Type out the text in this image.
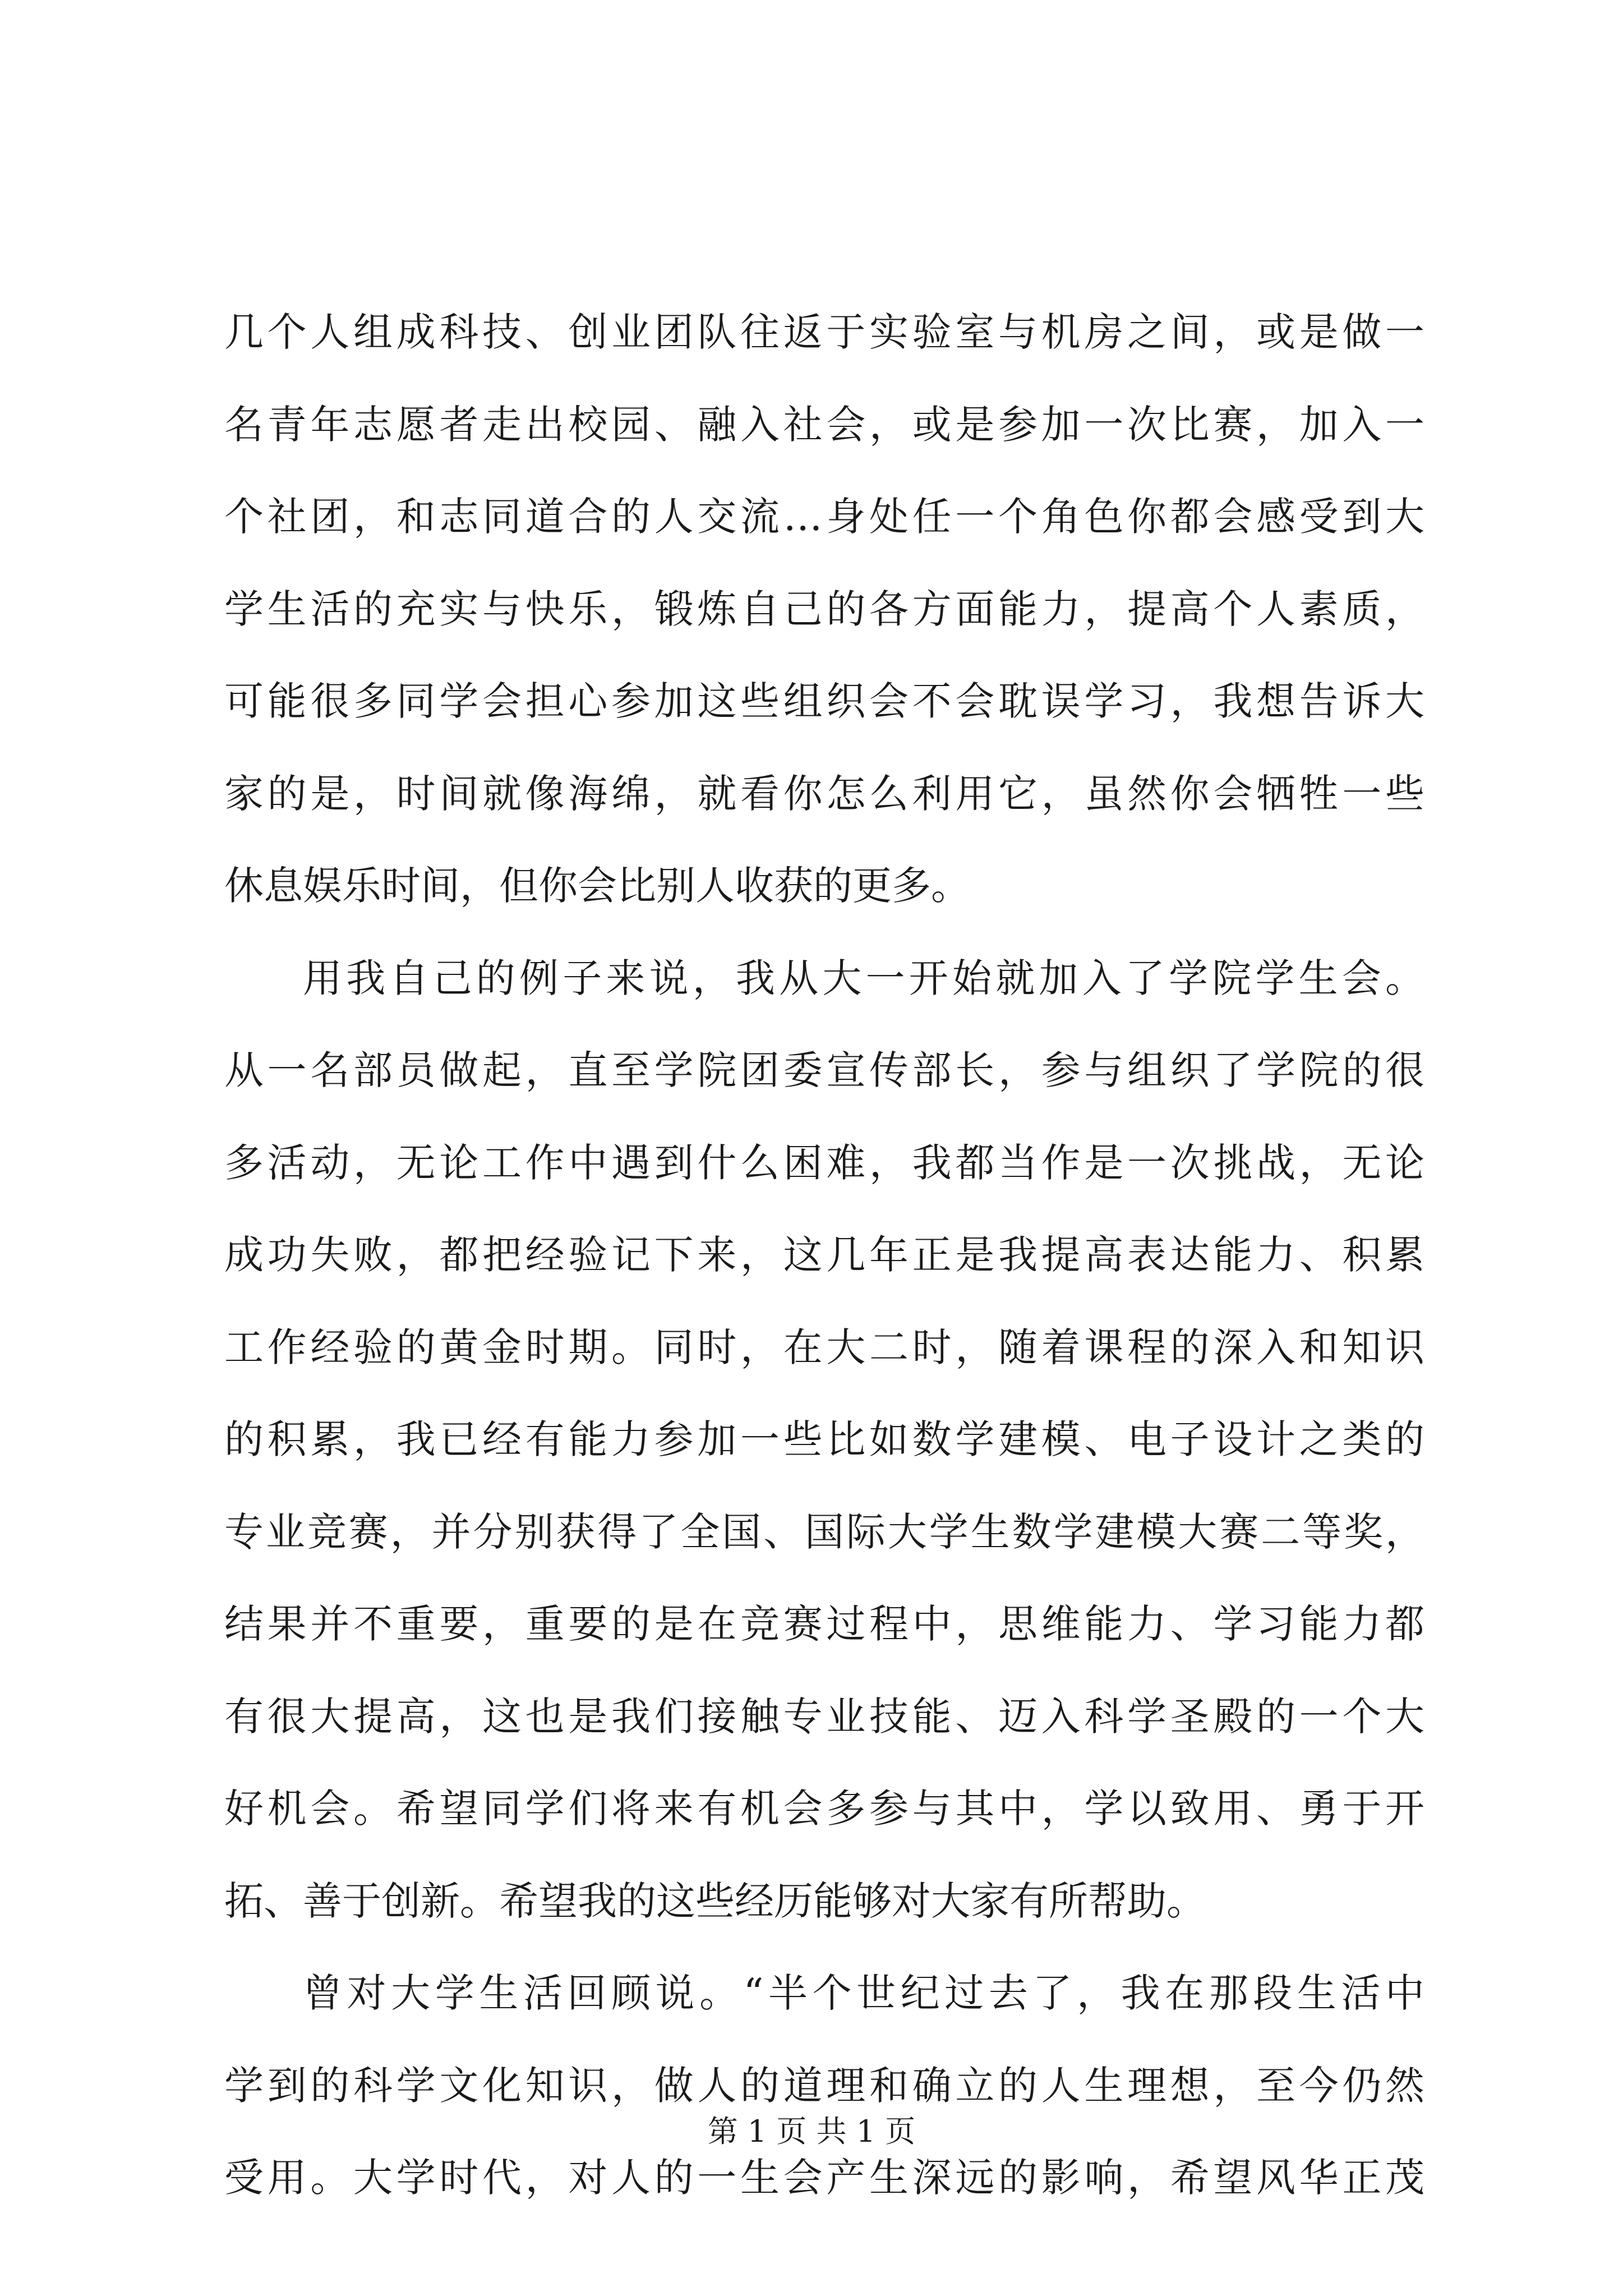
几个人组成科技、创业团队往返于实验室与机房之间，或是做一
名青年志愿者走出校园、融入社会，或是参加一次比赛，加入一
个社团，和志同道合的人交流…身处任一个角色你都会感受到大
学生活的充实与快乐，锻炼自己的各方面能力，提高个人素质，
可能很多同学会担心参加这些组织会不会耽误学习，我想告诉大
家的是，时间就像海绵，就看你怎么利用它，虽然你会牺牲一些
休息娱乐时间，但你会比别人收获的更多。
用我自己的例子来说，我从大一开始就加入了学院学生会。
从一名部员做起，直至学院团委宣传部长，参与组织了学院的很
多活动，无论工作中遇到什么困难，我都当作是一次挑战，无论
成功失败，都把经验记下来，这几年正是我提高表达能力、积累
工作经验的黄金时期。同时，在大二时，随着课程的深入和知识
的积累，我已经有能力参加一些比如数学建模、电子设计之类的
专业竞赛，并分别获得了全国、国际大学生数学建模大赛二等奖，
结果并不重要，重要的是在竞赛过程中，思维能力、学习能力都
有很大提高，这也是我们接触专业技能、迈入科学圣殿的一个大
好机会。希望同学们将来有机会多参与其中，学以致用、勇于开
拓、善于创新。希望我的这些经历能够对大家有所帮助。
曾对大学生活回顾说。“半个世纪过去了，我在那段生活中
学到的科学文化知识，做人的道理和确立的人生理想，至今仍然
受用。大学时代，对人的一生会产生深远的影响，希望风华正茂
第 1 页 共 1 页
